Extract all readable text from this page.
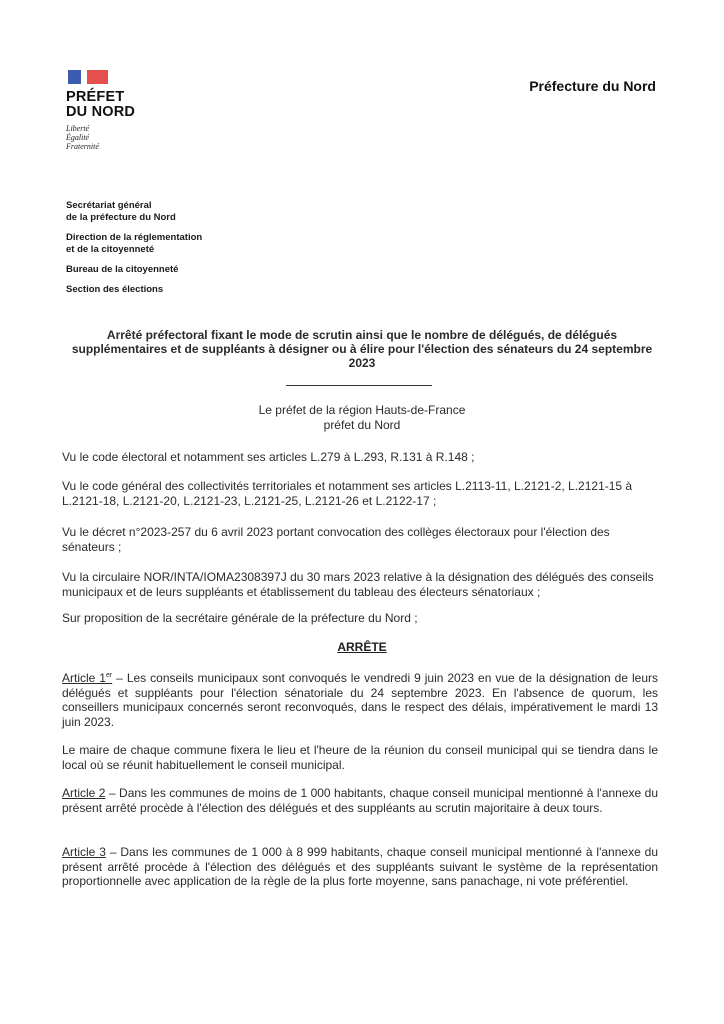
PRÉFET
DU NORD
Liberté
Égalité
Fraternité
Préfecture du Nord
Secrétariat général
de la préfecture du Nord
Direction de la réglementation
et de la citoyenneté
Bureau de la citoyenneté
Section des élections
Arrêté préfectoral fixant le mode de scrutin ainsi que le nombre de délégués, de délégués supplémentaires et de suppléants à désigner ou à élire pour l'élection des sénateurs du 24 septembre 2023
Le préfet de la région Hauts-de-France
préfet du Nord
Vu le code électoral et notamment ses articles L.279 à L.293, R.131 à R.148 ;
Vu le code général des collectivités territoriales et notamment ses articles L.2113-11, L.2121-2, L.2121-15 à L.2121-18, L.2121-20, L.2121-23, L.2121-25, L.2121-26 et L.2122-17 ;
Vu le décret n°2023-257 du 6 avril 2023 portant convocation des collèges électoraux pour l'élection des sénateurs ;
Vu la circulaire NOR/INTA/IOMA2308397J du 30 mars 2023 relative à la désignation des délégués des conseils municipaux et de leurs suppléants et établissement du tableau des électeurs sénatoriaux ;
Sur proposition de la secrétaire générale de la préfecture du Nord ;
ARRÊTE
Article 1er – Les conseils municipaux sont convoqués le vendredi 9 juin 2023 en vue de la désignation de leurs délégués et suppléants pour l'élection sénatoriale du 24 septembre 2023. En l'absence de quorum, les conseillers municipaux concernés seront reconvoqués, dans le respect des délais, impérativement le mardi 13 juin 2023.
Le maire de chaque commune fixera le lieu et l'heure de la réunion du conseil municipal qui se tiendra dans le local où se réunit habituellement le conseil municipal.
Article 2 – Dans les communes de moins de 1 000 habitants, chaque conseil municipal mentionné à l'annexe du présent arrêté procède à l'élection des délégués et des suppléants au scrutin majoritaire à deux tours.
Article 3 – Dans les communes de 1 000 à 8 999 habitants, chaque conseil municipal mentionné à l'annexe du présent arrêté procède à l'élection des délégués et des suppléants suivant le système de la représentation proportionnelle avec application de la règle de la plus forte moyenne, sans panachage, ni vote préférentiel.
